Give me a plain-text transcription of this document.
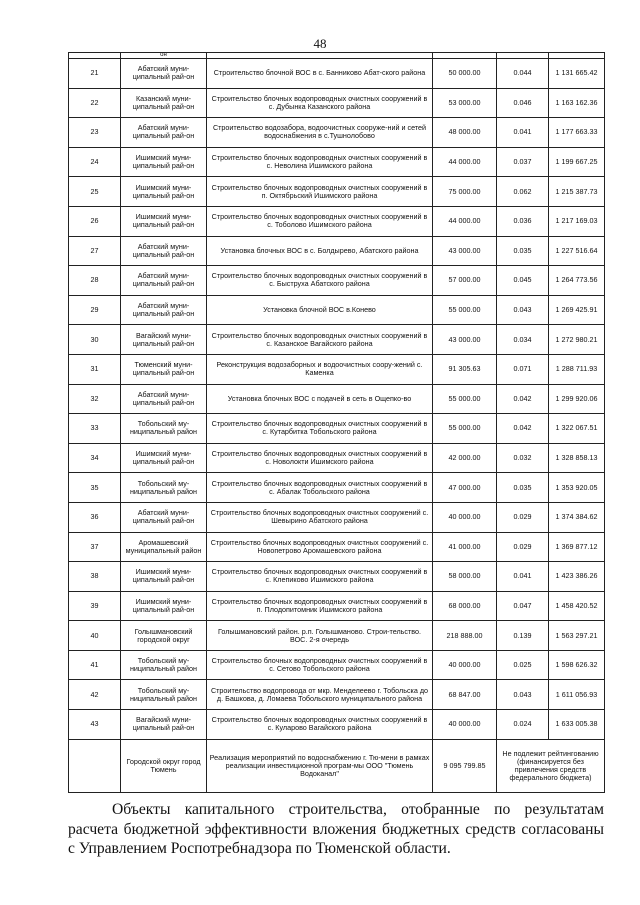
48
	он				
21	Абатский муни-ципальный рай-он	Строительство блочной ВОС в с. Банниково Абат-ского района	50 000.00	0.044	1 131 665.42
22	Казанский муни-ципальный рай-он	Строительство блочных водопроводных очистных сооружений в с. Дубынка Казанского района	53 000.00	0.046	1 163 162.36
23	Абатский муни-ципальный рай-он	Строительство водозабора, водоочистных сооруже-ний и сетей водоснабжения в с.Тушнолобово	48 000.00	0.041	1 177 663.33
24	Ишимский муни-ципальный рай-он	Строительство блочных водопроводных очистных сооружений в с. Неволина Ишимского района	44 000.00	0.037	1 199 667.25
25	Ишимский муни-ципальный рай-он	Строительство блочных водопроводных очистных сооружений в п. Октябрьский Ишимского района	75 000.00	0.062	1 215 387.73
26	Ишимский муни-ципальный рай-он	Строительство блочных водопроводных очистных сооружений в с. Тоболово Ишимского района	44 000.00	0.036	1 217 169.03
27	Абатский муни-ципальный рай-он	Установка блочных ВОС в с. Болдырево, Абатского района	43 000.00	0.035	1 227 516.64
28	Абатский муни-ципальный рай-он	Строительство блочных водопроводных очистных сооружений в с. Быструха Абатского района	57 000.00	0.045	1 264 773.56
29	Абатский муни-ципальный рай-он	Установка блочной ВОС в.Конево	55 000.00	0.043	1 269 425.91
30	Вагайский муни-ципальный рай-он	Строительство блочных водопроводных очистных сооружений в с. Казанское Вагайского района	43 000.00	0.034	1 272 980.21
31	Тюменский муни-ципальный рай-он	Реконструкция водозаборных и водоочистных соору-жений с. Каменка	91 305.63	0.071	1 288 711.93
32	Абатский муни-ципальный рай-он	Установка блочных ВОС с подачей в сеть в Ощепко-во	55 000.00	0.042	1 299 920.06
33	Тобольский му-ниципальный район	Строительство блочных водопроводных очистных сооружений в с. Кутарбитка Тобольского района	55 000.00	0.042	1 322 067.51
34	Ишимский муни-ципальный рай-он	Строительство блочных водопроводных очистных сооружений в с. Новолокти Ишимского района	42 000.00	0.032	1 328 858.13
35	Тобольский му-ниципальный район	Строительство блочных водопроводных очистных сооружений в с. Абалак Тобольского района	47 000.00	0.035	1 353 920.05
36	Абатский муни-ципальный рай-он	Строительство блочных водопроводных очистных сооружений с. Шевырино Абатского района	40 000.00	0.029	1 374 384.62
37	Аромашевский муниципальный район	Строительство блочных водопроводных очистных сооружений с. Новопетрово Аромашевского района	41 000.00	0.029	1 369 877.12
38	Ишимский муни-ципальный рай-он	Строительство блочных водопроводных очистных сооружений в с. Клепиково Ишимского района	58 000.00	0.041	1 423 386.26
39	Ишимский муни-ципальный рай-он	Строительство блочных водопроводных очистных сооружений в п. Плодопитомник Ишимского района	68 000.00	0.047	1 458 420.52
40	Голышмановский городской округ	Голышмановский район. р.п. Голышманово. Строи-тельство. ВОС. 2-я очередь	218 888.00	0.139	1 563 297.21
41	Тобольский му-ниципальный район	Строительство блочных водопроводных очистных сооружений в с. Сетово Тобольского района	40 000.00	0.025	1 598 626.32
42	Тобольский му-ниципальный район	Строительство водопровода от мкр. Менделеево г. Тобольска до д. Башкова, д. Ломаева Тобольского муниципального района	68 847.00	0.043	1 611 056.93
43	Вагайский муни-ципальный рай-он	Строительство блочных водопроводных очистных сооружений в с. Куларово Вагайского района	40 000.00	0.024	1 633 005.38
	Городской округ город Тюмень	Реализация мероприятий по водоснабжению г. Тю-мени в рамках реализации инвестиционной програм-мы ООО "Тюмень Водоканал"	9 095 799.85	Не подлежит рейтингованию (финансируется без привлечения средств федерального бюджета)	
Объекты капитального строительства, отобранные по результатам расчета бюджетной эффективности вложения бюджетных средств согласованы с Управлением Роспотребнадзора по Тюменской области.
